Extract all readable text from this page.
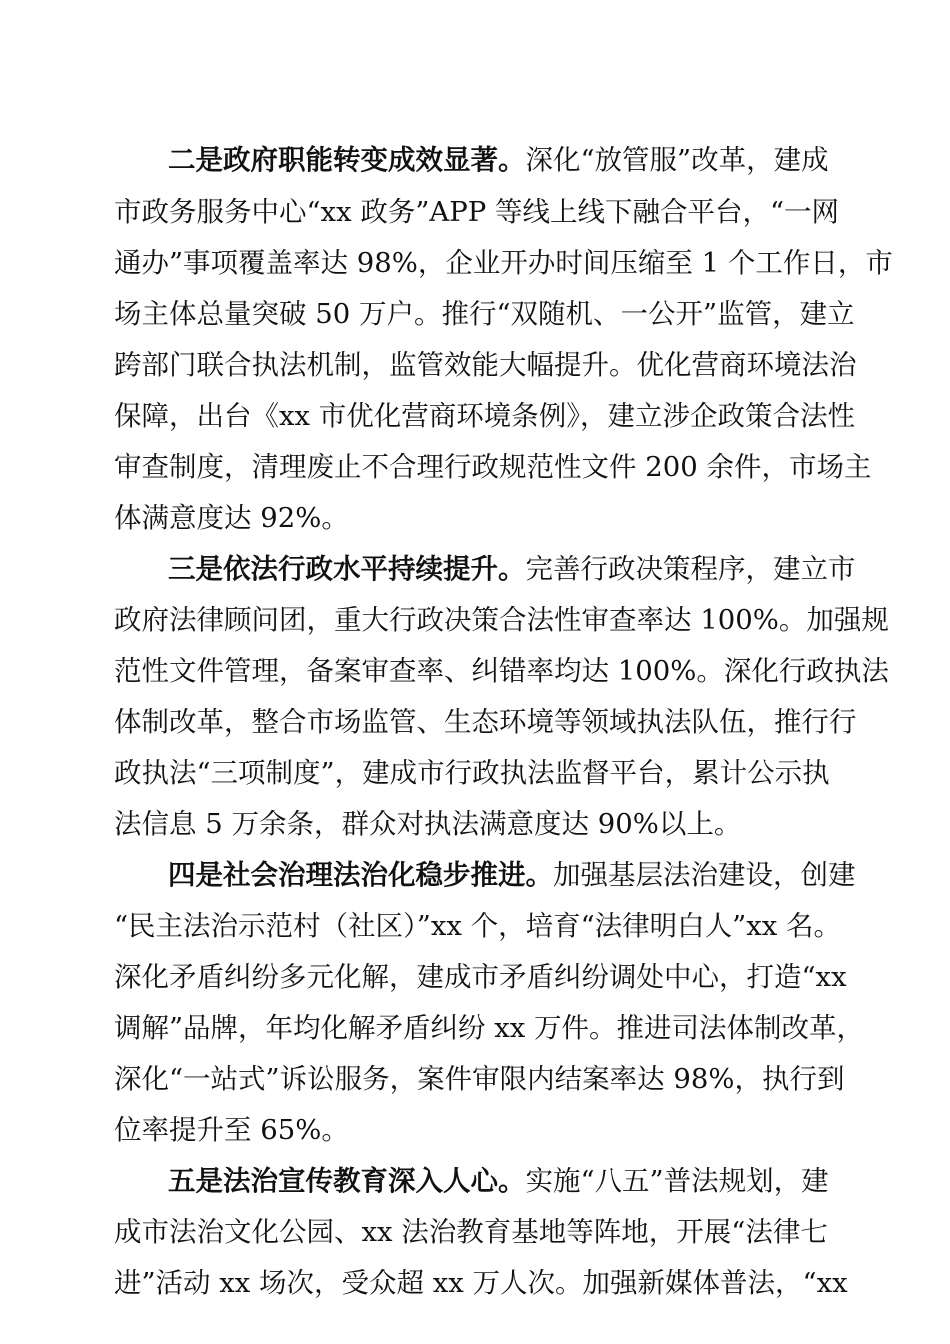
二是政府职能转变成效显著。深化“放管服”改革，建成
市政务服务中心“xx 政务”APP 等线上线下融合平台，“一网
通办”事项覆盖率达 98%，企业开办时间压缩至 1 个工作日，市
场主体总量突破 50 万户。推行“双随机、一公开”监管，建立
跨部门联合执法机制，监管效能大幅提升。优化营商环境法治
保障，出台《xx 市优化营商环境条例》，建立涉企政策合法性
审查制度，清理废止不合理行政规范性文件 200 余件，市场主
体满意度达 92%。
三是依法行政水平持续提升。完善行政决策程序，建立市
政府法律顾问团，重大行政决策合法性审查率达 100%。加强规
范性文件管理，备案审查率、纠错率均达 100%。深化行政执法
体制改革，整合市场监管、生态环境等领域执法队伍，推行行
政执法“三项制度”，建成市行政执法监督平台，累计公示执
法信息 5 万余条，群众对执法满意度达 90%以上。
四是社会治理法治化稳步推进。加强基层法治建设，创建
“民主法治示范村（社区）”xx 个，培育“法律明白人”xx 名。
深化矛盾纠纷多元化解，建成市矛盾纠纷调处中心，打造“xx
调解”品牌，年均化解矛盾纠纷 xx 万件。推进司法体制改革，
深化“一站式”诉讼服务，案件审限内结案率达 98%，执行到
位率提升至 65%。
五是法治宣传教育深入人心。实施“八五”普法规划，建
成市法治文化公园、xx 法治教育基地等阵地，开展“法律七
进”活动 xx 场次，受众超 xx 万人次。加强新媒体普法，“xx
